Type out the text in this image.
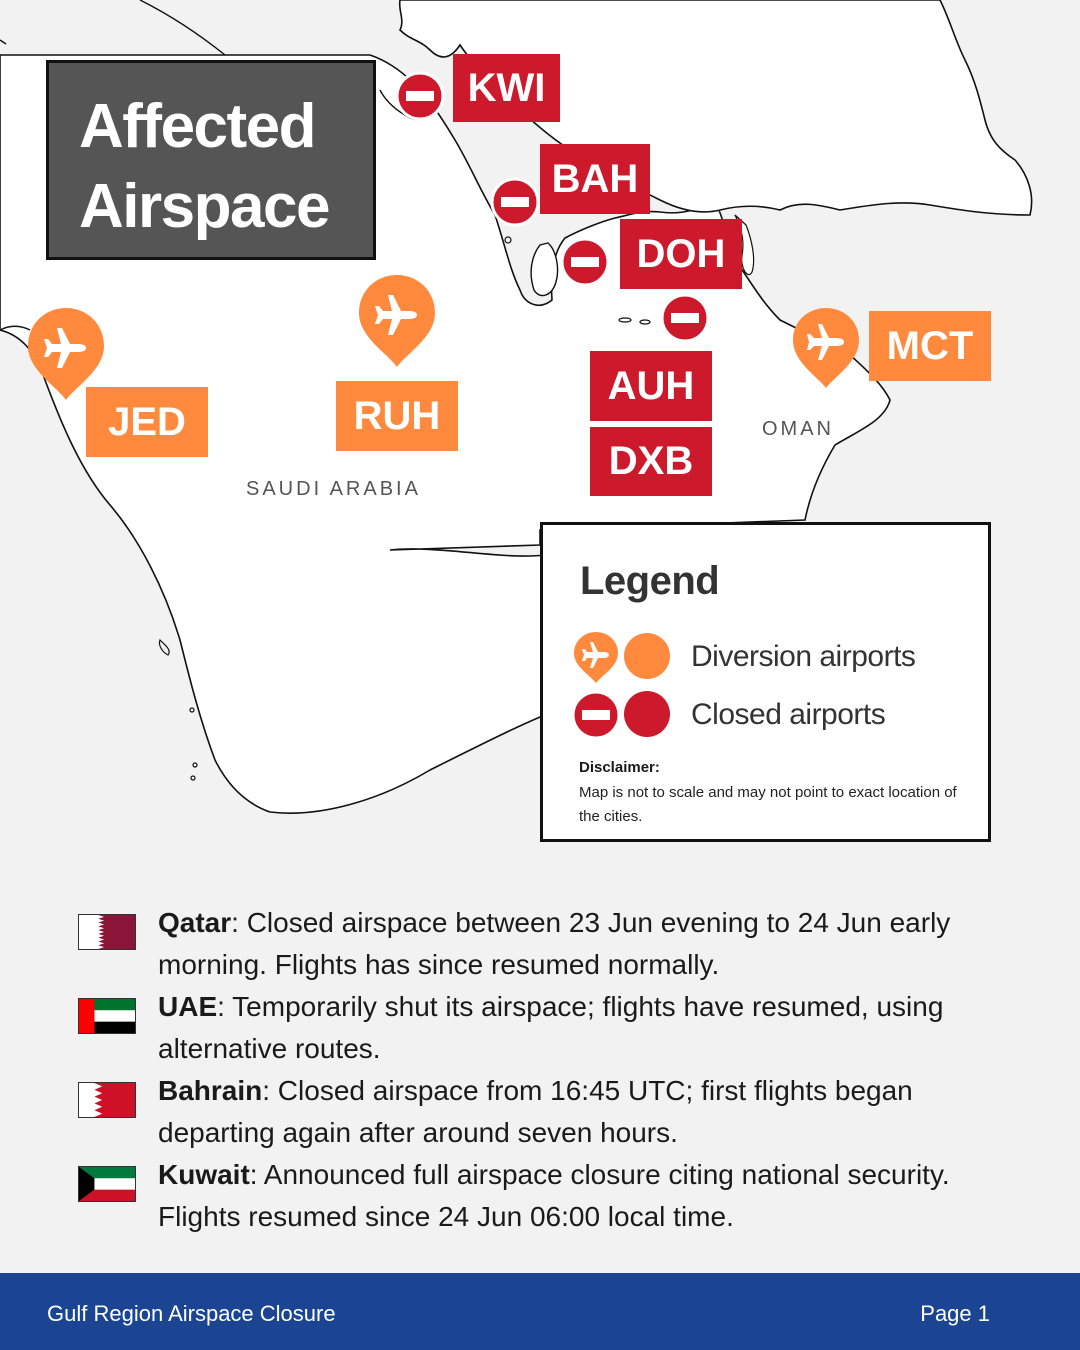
Affected
Airspace
KWI
BAH
DOH
AUH
DXB
JED	RUH
MCT
SAUDI ARABIA
OMAN
Legend
Diversion airports
Closed airports
Disclaimer:
Map is not to scale and may not point to exact location of the cities.
Qatar: Closed airspace between 23 Jun evening to 24 Jun early morning. Flights has since resumed normally.
UAE: Temporarily shut its airspace; flights have resumed, using alternative routes.
Bahrain: Closed airspace from 16:45 UTC; first flights began departing again after around seven hours.
Kuwait: Announced full airspace closure citing national security. Flights resumed since 24 Jun 06:00 local time.
Gulf Region Airspace Closure	Page 1
